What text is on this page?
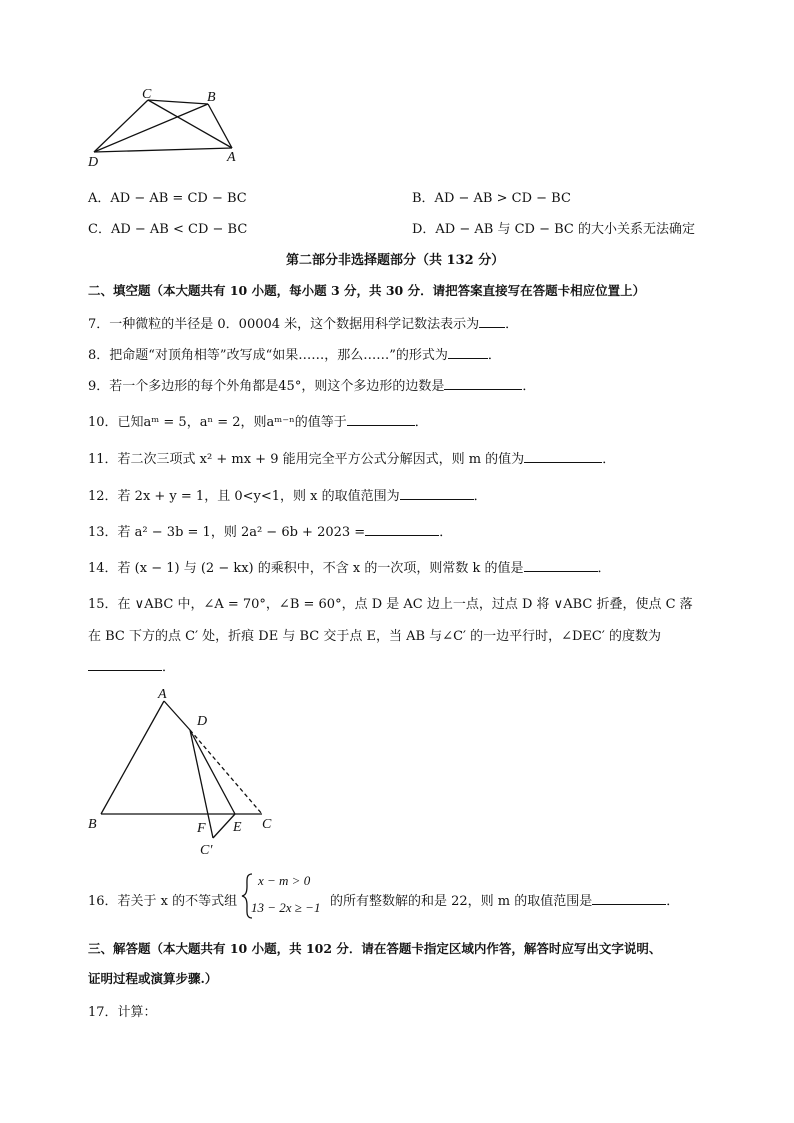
C	B
D	A
A．AD − AB = CD − BC	B．AD − AB > CD − BC
C．AD − AB < CD − BC	D．AD − AB 与 CD − BC 的大小关系无法确定
第二部分非选择题部分（共 132 分）
二、填空题（本大题共有 10 小题，每小题 3 分，共 30 分．请把答案直接写在答题卡相应位置上）
7．一种微粒的半径是 0．00004 米，这个数据用科学记数法表示为 ．
8．把命题“对顶角相等”改写成“如果……，那么……”的形式为	．
9．若一个多边形的每个外角都是45°，则这个多边形的边数是	．
10．已知aᵐ = 5，aⁿ = 2，则aᵐ⁻ⁿ的值等于	．
11．若二次三项式 x² + mx + 9 能用完全平方公式分解因式，则 m 的值为	．
12．若 2x + y = 1，且 0<y<1，则 x 的取值范围为	．
13．若 a² − 3b = 1，则 2a² − 6b + 2023 =	．
14．若 (x − 1) 与 (2 − kx) 的乘积中，不含 x 的一次项，则常数 k 的值是	．
15．在 ∨ABC 中，∠A = 70°，∠B = 60°，点 D 是 AC 边上一点，过点 D 将 ∨ABC 折叠，使点 C 落
在 BC 下方的点 C′ 处，折痕 DE 与 BC 交于点 E，当 AB 与∠C′ 的一边平行时，∠DEC′ 的度数为
．
A
D
B	F E C
C′
16．若关于 x 的不等式组
x − m > 0
13 − 2x ≥ −1 的所有整数解的和是 22，则 m 的取值范围是	．
三、解答题（本大题共有 10 小题，共 102 分．请在答题卡指定区域内作答，解答时应写出文字说明、
证明过程或演算步骤.）
17．计算：
